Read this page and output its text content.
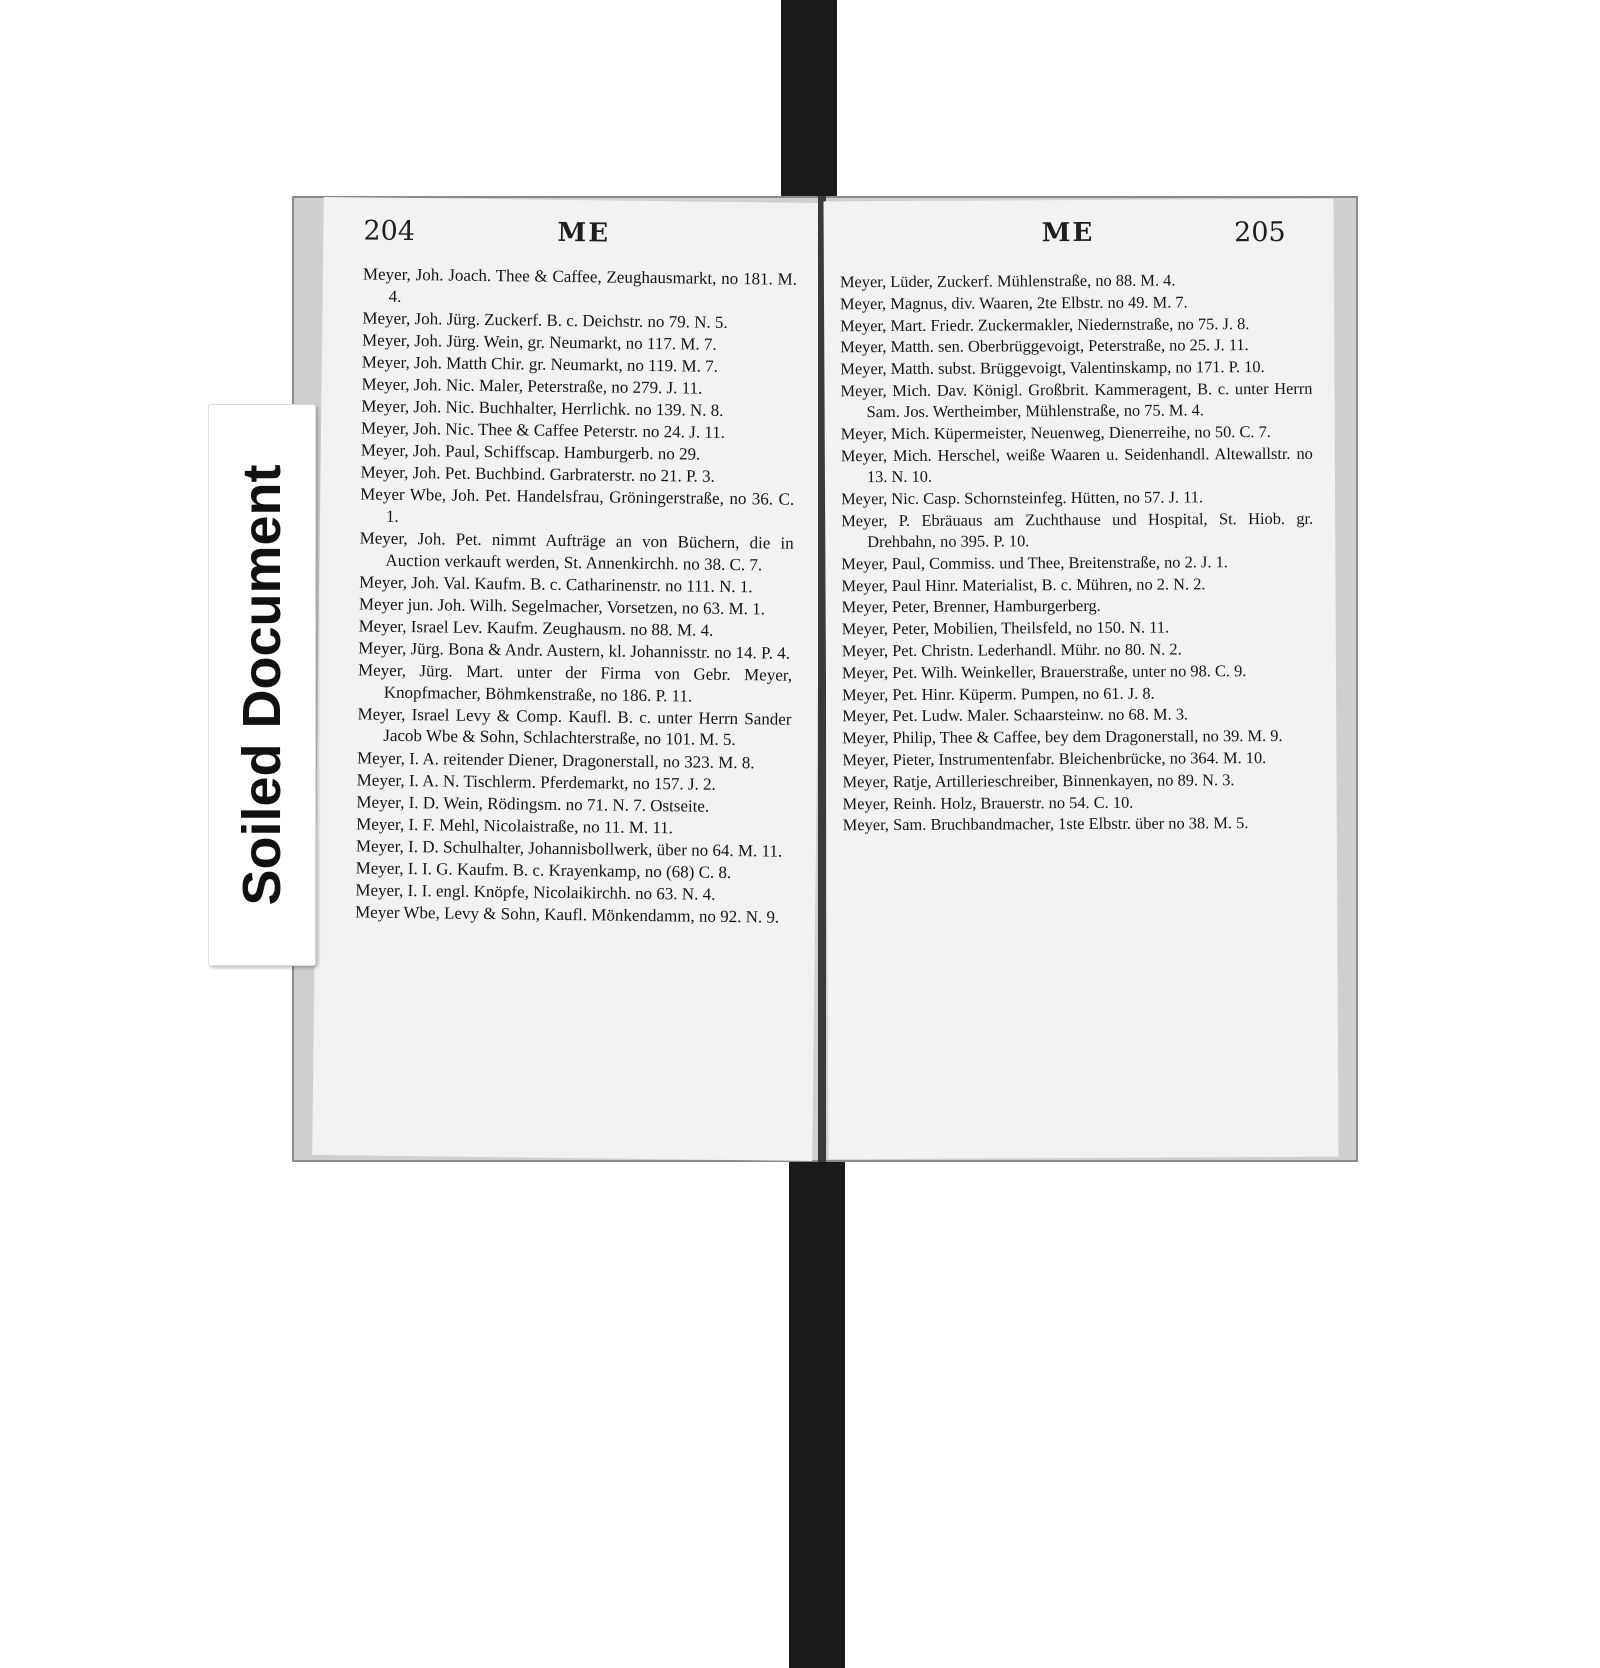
204	ME

Meyer, Joh. Joach. Thee & Caffee, Zeughausmarkt, no 181. M. 4.

Meyer, Joh. Jürg. Zuckerf. B. c. Deichstr. no 79. N. 5.

Meyer, Joh. Jürg. Wein, gr. Neumarkt, no 117. M. 7.

Meyer, Joh. Matth Chir. gr. Neumarkt, no 119. M. 7.

Meyer, Joh. Nic. Maler, Peterstraße, no 279. J. 11.

Meyer, Joh. Nic. Buchhalter, Herrlichk. no 139. N. 8.

Meyer, Joh. Nic. Thee & Caffee Peterstr. no 24. J. 11.

Meyer, Joh. Paul, Schiffscap. Hamburgerb. no 29.

Meyer, Joh. Pet. Buchbind. Garbraterstr. no 21. P. 3.

Meyer Wbe, Joh. Pet. Handelsfrau, Gröningerstraße, no 36. C. 1.

Meyer, Joh. Pet. nimmt Aufträge an von Büchern, die in Auction verkauft werden, St. Annenkirchh. no 38. C. 7.

Meyer, Joh. Val. Kaufm. B. c. Catharinenstr. no 111. N. 1.

Meyer jun. Joh. Wilh. Segelmacher, Vorsetzen, no 63. M. 1.

Meyer, Israel Lev. Kaufm. Zeughausm. no 88. M. 4.

Meyer, Jürg. Bona & Andr. Austern, kl. Johannisstr. no 14. P. 4.

Meyer, Jürg. Mart. unter der Firma von Gebr. Meyer, Knopfmacher, Böhmkenstraße, no 186. P. 11.

Meyer, Israel Levy & Comp. Kaufl. B. c. unter Herrn Sander Jacob Wbe & Sohn, Schlachterstraße, no 101. M. 5.

Meyer, I. A. reitender Diener, Dragonerstall, no 323. M. 8.

Meyer, I. A. N. Tischlerm. Pferdemarkt, no 157. J. 2.

Meyer, I. D. Wein, Rödingsm. no 71. N. 7. Ostseite.

Meyer, I. F. Mehl, Nicolaistraße, no 11. M. 11.

Meyer, I. D. Schulhalter, Johannisbollwerk, über no 64. M. 11.

Meyer, I. I. G. Kaufm. B. c. Krayenkamp, no (68) C. 8.

Meyer, I. I. engl. Knöpfe, Nicolaikirchh. no 63. N. 4.

Meyer Wbe, Levy & Sohn, Kaufl. Mönkendamm, no 92. N. 9.

ME	205

Meyer, Lüder, Zuckerf. Mühlenstraße, no 88. M. 4.

Meyer, Magnus, div. Waaren, 2te Elbstr. no 49. M. 7.

Meyer, Mart. Friedr. Zuckermakler, Niedernstraße, no 75. J. 8.

Meyer, Matth. sen. Oberbrüggevoigt, Peterstraße, no 25. J. 11.

Meyer, Matth. subst. Brüggevoigt, Valentinskamp, no 171. P. 10.

Meyer, Mich. Dav. Königl. Großbrit. Kammeragent, B. c. unter Herrn Sam. Jos. Wertheimber, Mühlenstraße, no 75. M. 4.

Meyer, Mich. Küpermeister, Neuenweg, Dienerreihe, no 50. C. 7.

Meyer, Mich. Herschel, weiße Waaren u. Seidenhandl. Altewallstr. no 13. N. 10.

Meyer, Nic. Casp. Schornsteinfeg. Hütten, no 57. J. 11.

Meyer, P. Ebräuaus am Zuchthause und Hospital, St. Hiob. gr. Drehbahn, no 395. P. 10.

Meyer, Paul, Commiss. und Thee, Breitenstraße, no 2. J. 1.

Meyer, Paul Hinr. Materialist, B. c. Mühren, no 2. N. 2.

Meyer, Peter, Brenner, Hamburgerberg.

Meyer, Peter, Mobilien, Theilsfeld, no 150. N. 11.

Meyer, Pet. Christn. Lederhandl. Mühr. no 80. N. 2.

Meyer, Pet. Wilh. Weinkeller, Brauerstraße, unter no 98. C. 9.

Meyer, Pet. Hinr. Küperm. Pumpen, no 61. J. 8.

Meyer, Pet. Ludw. Maler. Schaarsteinw. no 68. M. 3.

Meyer, Philip, Thee & Caffee, bey dem Dragonerstall, no 39. M. 9.

Meyer, Pieter, Instrumentenfabr. Bleichenbrücke, no 364. M. 10.

Meyer, Ratje, Artillerieschreiber, Binnenkayen, no 89. N. 3.

Meyer, Reinh. Holz, Brauerstr. no 54. C. 10.

Meyer, Sam. Bruchbandmacher, 1ste Elbstr. über no 38. M. 5.

Soiled Document
